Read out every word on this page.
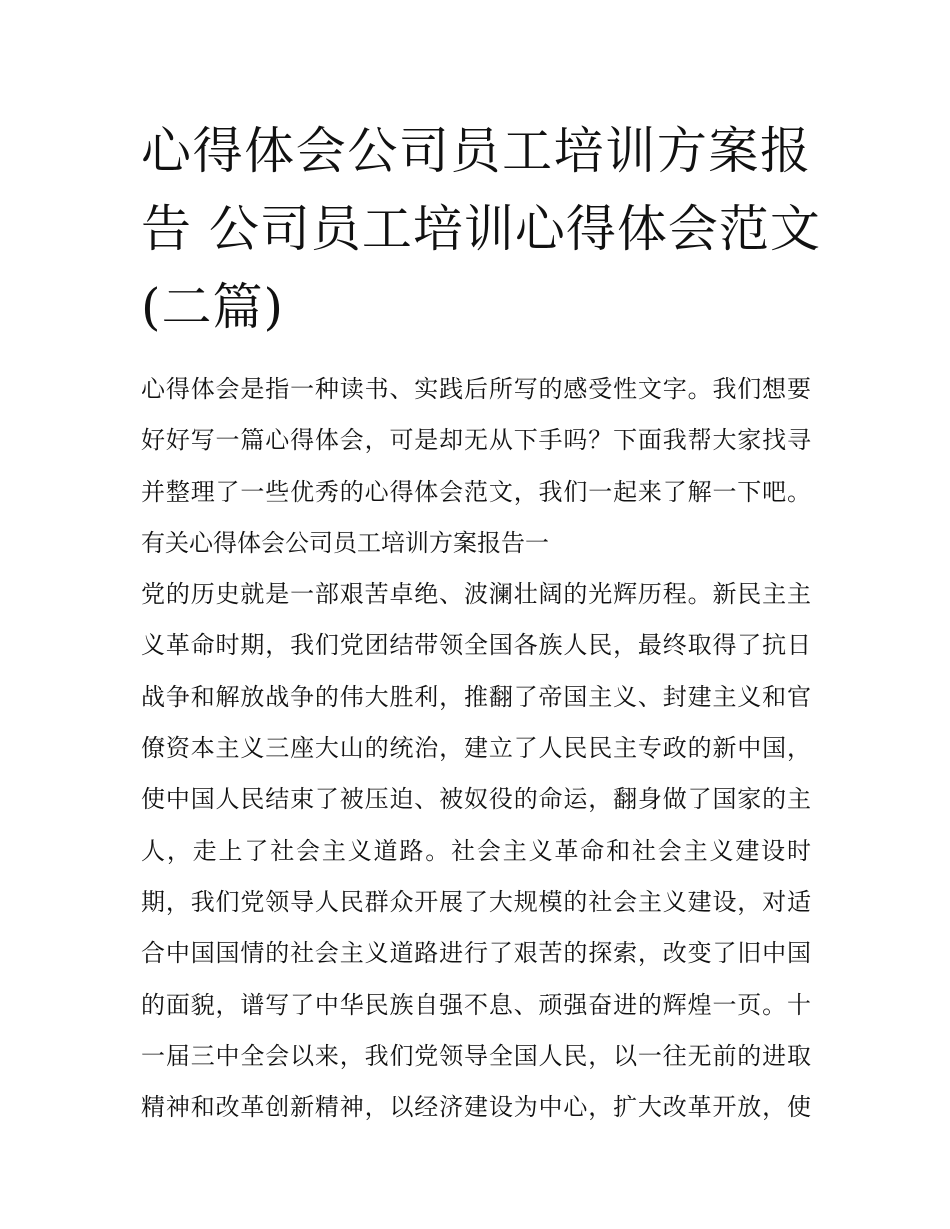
心得体会公司员工培训方案报
告 公司员工培训心得体会范文
(二篇)
心得体会是指一种读书、实践后所写的感受性文字。我们想要
好好写一篇心得体会，可是却无从下手吗？下面我帮大家找寻
并整理了一些优秀的心得体会范文，我们一起来了解一下吧。
有关心得体会公司员工培训方案报告一
党的历史就是一部艰苦卓绝、波澜壮阔的光辉历程。新民主主
义革命时期，我们党团结带领全国各族人民，最终取得了抗日
战争和解放战争的伟大胜利，推翻了帝国主义、封建主义和官
僚资本主义三座大山的统治，建立了人民民主专政的新中国，
使中国人民结束了被压迫、被奴役的命运，翻身做了国家的主
人，走上了社会主义道路。社会主义革命和社会主义建设时
期，我们党领导人民群众开展了大规模的社会主义建设，对适
合中国国情的社会主义道路进行了艰苦的探索，改变了旧中国
的面貌，谱写了中华民族自强不息、顽强奋进的辉煌一页。十
一届三中全会以来，我们党领导全国人民，以一往无前的进取
精神和改革创新精神，以经济建设为中心，扩大改革开放，使
